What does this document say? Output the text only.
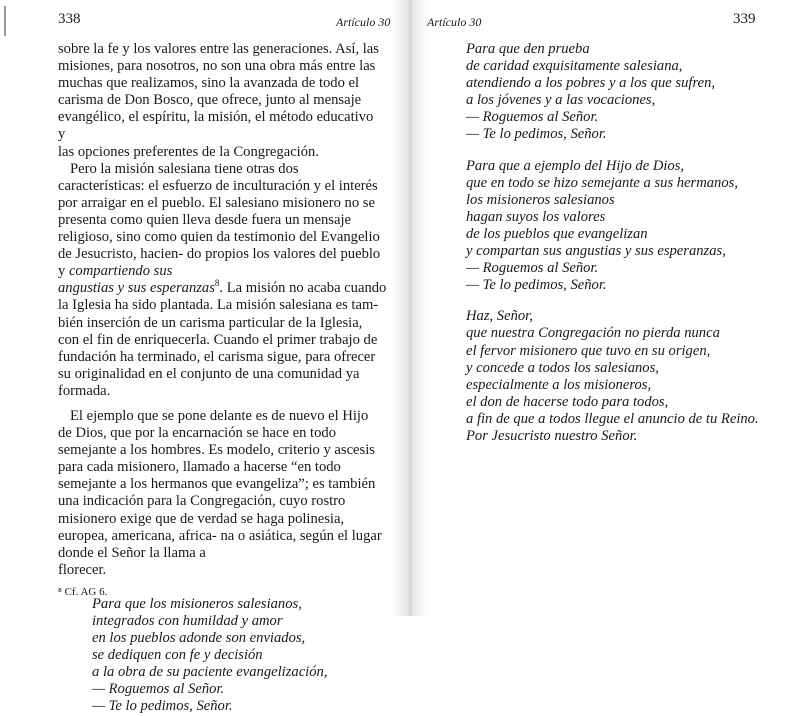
338	Artículo 30
sobre la fe y los valores entre las generaciones. Así, las misiones, para nosotros, no son una obra más entre las muchas que realizamos, sino la avanzada de todo el carisma de Don Bosco, que ofrece, junto al mensaje evangélico, el espíritu, la misión, el método educativo y
las opciones preferentes de la Congregación.
Pero la misión salesiana tiene otras dos características: el esfuerzo de inculturación y el interés por arraigar en el pueblo. El salesiano misionero no se presenta como quien lleva desde fuera un mensaje religioso, sino como quien da testimonio del Evangelio de Jesucristo, hacien- do propios los valores del pueblo y compartiendo sus
angustias y sus esperanzas$^8$. La misión no acaba cuando
la Iglesia ha sido plantada. La misión salesiana es tam- bién inserción de un carisma particular de la Iglesia, con el fin de enriquecerla. Cuando el primer trabajo de fundación ha terminado, el carisma sigue, para ofrecer su originalidad en el conjunto de una comunidad ya
formada.
El ejemplo que se pone delante es de nuevo el Hijo de Dios, que por la encarnación se hace en todo semejante a los hombres. Es modelo, criterio y ascesis para cada misionero, llamado a hacerse “en todo semejante a los hermanos que evangeliza”; es también una indicación para la Congregación, cuyo rostro misionero exige que de verdad se haga polinesia, europea, americana, africa- na o asiática, según el lugar donde el Señor la llama a
florecer.
Para que los misioneros salesianos,
integrados con humildad y amor
en los pueblos adonde son enviados,
se dediquen con fe y decisión
a la obra de su paciente evangelización,
— Roguemos al Señor.
— Te lo pedimos, Señor.
⁸ Cf. AG 6.
Artículo 30	339
Para que den prueba
de caridad exquisitamente salesiana,
atendiendo a los pobres y a los que sufren,
a los jóvenes y a las vocaciones,
— Roguemos al Señor.
— Te lo pedimos, Señor.
Para que a ejemplo del Hijo de Dios,
que en todo se hizo semejante a sus hermanos,
los misioneros salesianos
hagan suyos los valores
de los pueblos que evangelizan
y compartan sus angustias y sus esperanzas,
— Roguemos al Señor.
— Te lo pedimos, Señor.
Haz, Señor,
que nuestra Congregación no pierda nunca
el fervor misionero que tuvo en su origen,
y concede a todos los salesianos,
especialmente a los misioneros,
el don de hacerse todo para todos,
a fin de que a todos llegue el anuncio de tu Reino.
Por Jesucristo nuestro Señor.
